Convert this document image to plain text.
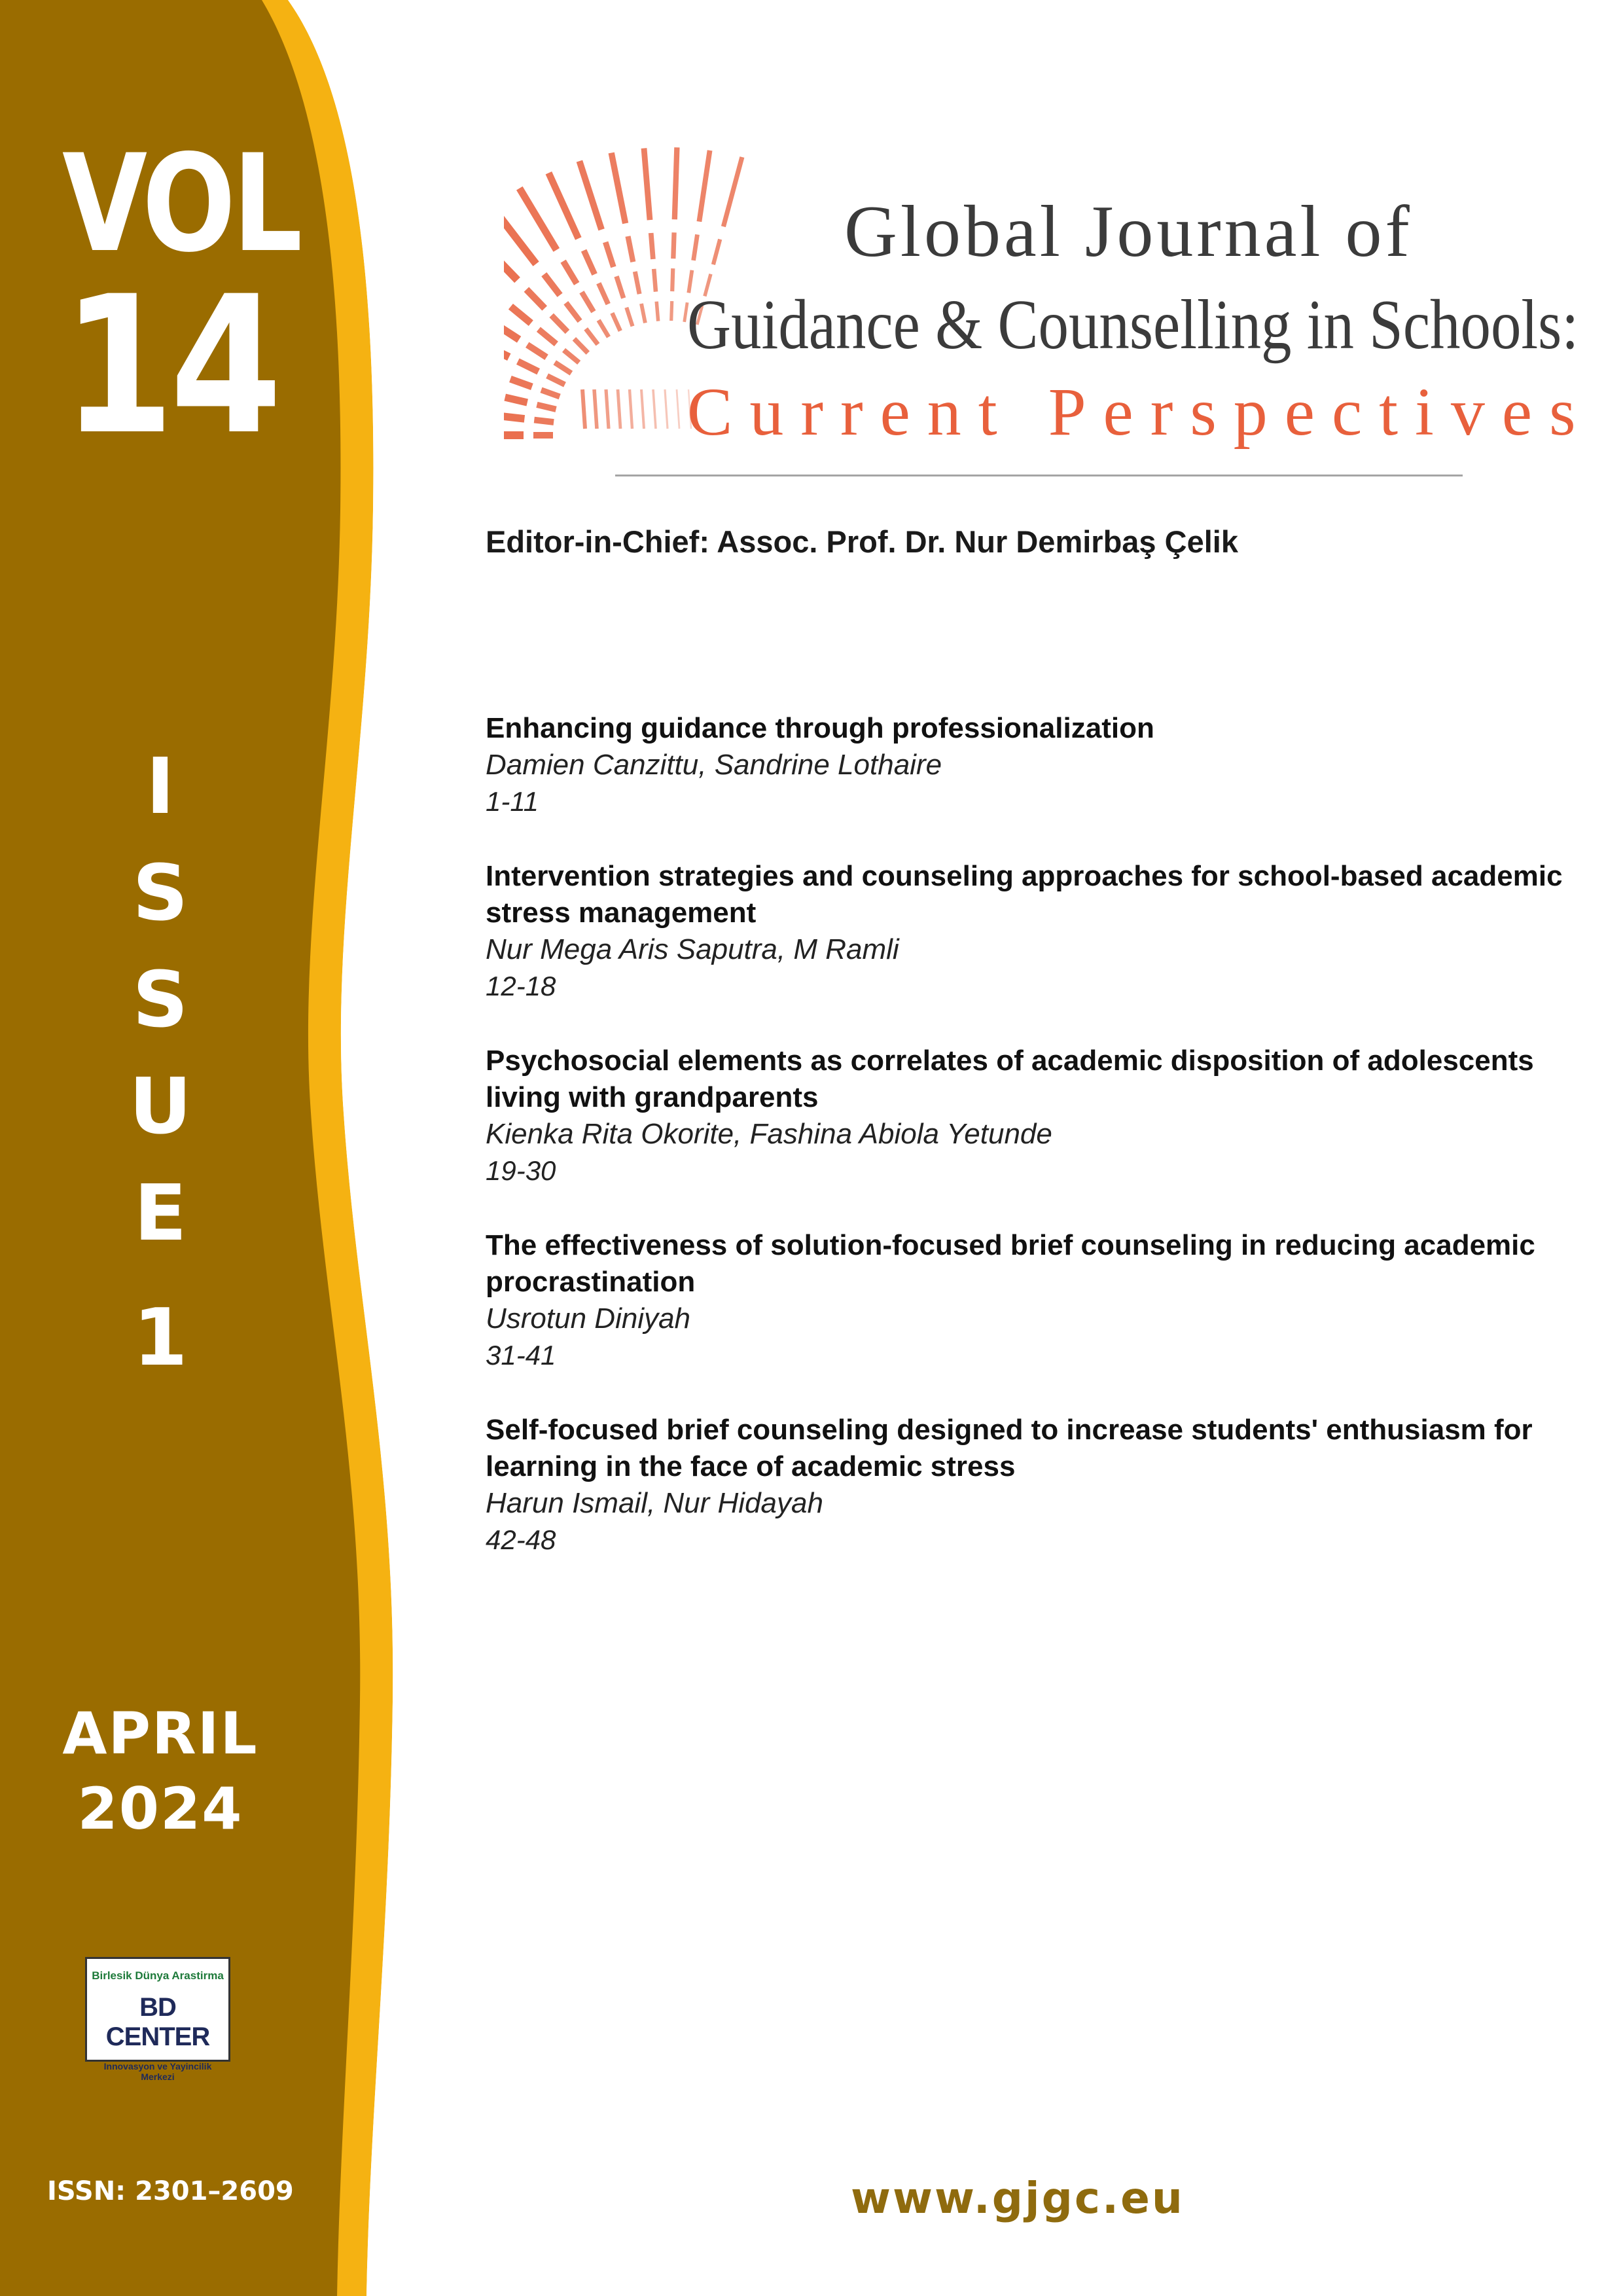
VOL
14
I
S
S
U
E
1
APRIL
2024
Birlesik Dünya Arastirma
BD CENTER
Innovasyon ve Yayincilik Merkezi
ISSN: 2301–2609
Global Journal of
Guidance & Counselling in Schools:
Current Perspectives
Editor-in-Chief: Assoc. Prof. Dr. Nur Demirbaş Çelik
Enhancing guidance through professionalization
Damien Canzittu, Sandrine Lothaire
1-11
Intervention strategies and counseling approaches for school-based academic stress management
Nur Mega Aris Saputra, M Ramli
12-18
Psychosocial elements as correlates of academic disposition of adolescents living with grandparents
Kienka Rita Okorite, Fashina Abiola Yetunde
19-30
The effectiveness of solution-focused brief counseling in reducing academic procrastination
Usrotun Diniyah
31-41
Self-focused brief counseling designed to increase students' enthusiasm for learning in the face of academic stress
Harun Ismail, Nur Hidayah
42-48
www.gjgc.eu
